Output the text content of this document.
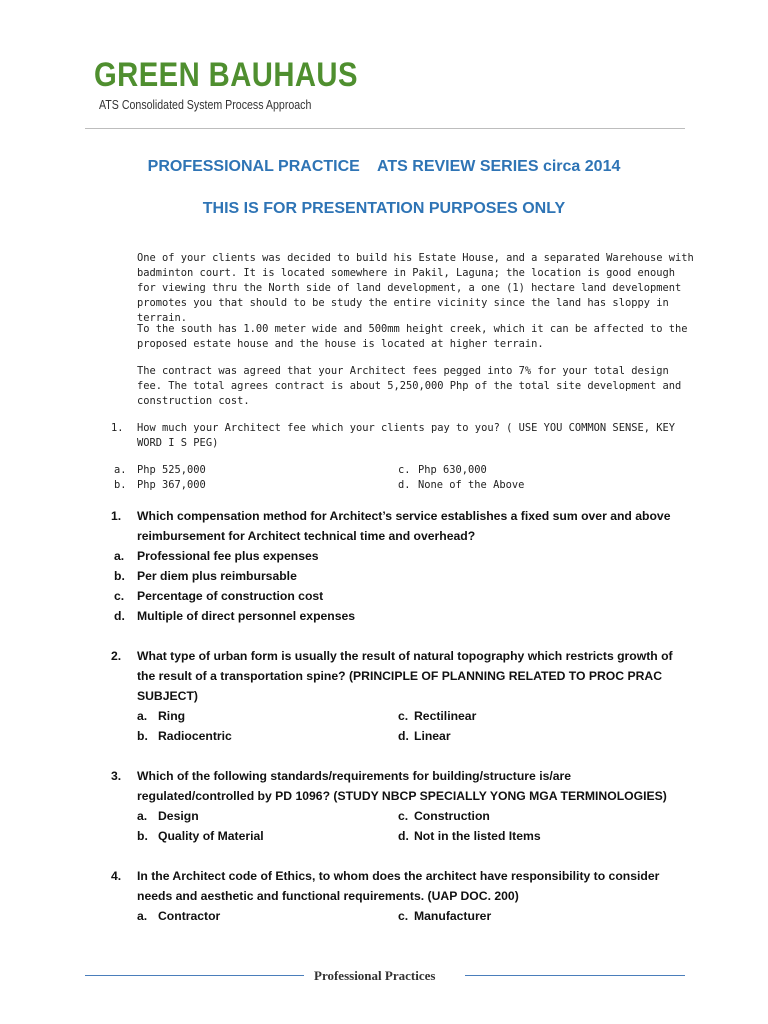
GREEN BAUHAUS
ATS Consolidated System Process Approach
PROFESSIONAL PRACTICE    ATS REVIEW SERIES circa 2014
THIS IS FOR PRESENTATION PURPOSES ONLY
One of your clients was decided to build his Estate House, and a separated Warehouse with badminton court. It is located somewhere in Pakil, Laguna; the location is good enough for viewing thru the North side of land development, a one (1) hectare land development promotes you that should to be study the entire vicinity since the land has sloppy in terrain.
To the south has 1.00 meter wide and 500mm height creek, which it can be affected to the proposed estate house and the house is located at higher terrain.
The contract was agreed that your Architect fees pegged into 7% for your total design fee. The total agrees contract is about 5,250,000 Php of the total site development and construction cost.
1. How much your Architect fee which your clients pay to you? ( USE YOU COMMON SENSE, KEY WORD I S PEG)
a. Php 525,000	c. Php 630,000
b. Php 367,000	d. None of the Above
1. Which compensation method for Architect’s service establishes a fixed sum over and above reimbursement for Architect technical time and overhead?
a. Professional fee plus expenses
b. Per diem plus reimbursable
c. Percentage of construction cost
d. Multiple of direct personnel expenses
2. What type of urban form is usually the result of natural topography which restricts growth of the result of a transportation spine? (PRINCIPLE OF PLANNING RELATED TO PROC PRAC SUBJECT)
a. Ring	c. Rectilinear
b. Radiocentric	d. Linear
3. Which of the following standards/requirements for building/structure is/are regulated/controlled by PD 1096? (STUDY NBCP SPECIALLY YONG MGA TERMINOLOGIES)
a. Design	c. Construction
b. Quality of Material	d. Not in the listed Items
4. In the Architect code of Ethics, to whom does the architect have responsibility to consider needs and aesthetic and functional requirements. (UAP DOC. 200)
a. Contractor	c. Manufacturer
Professional Practices
